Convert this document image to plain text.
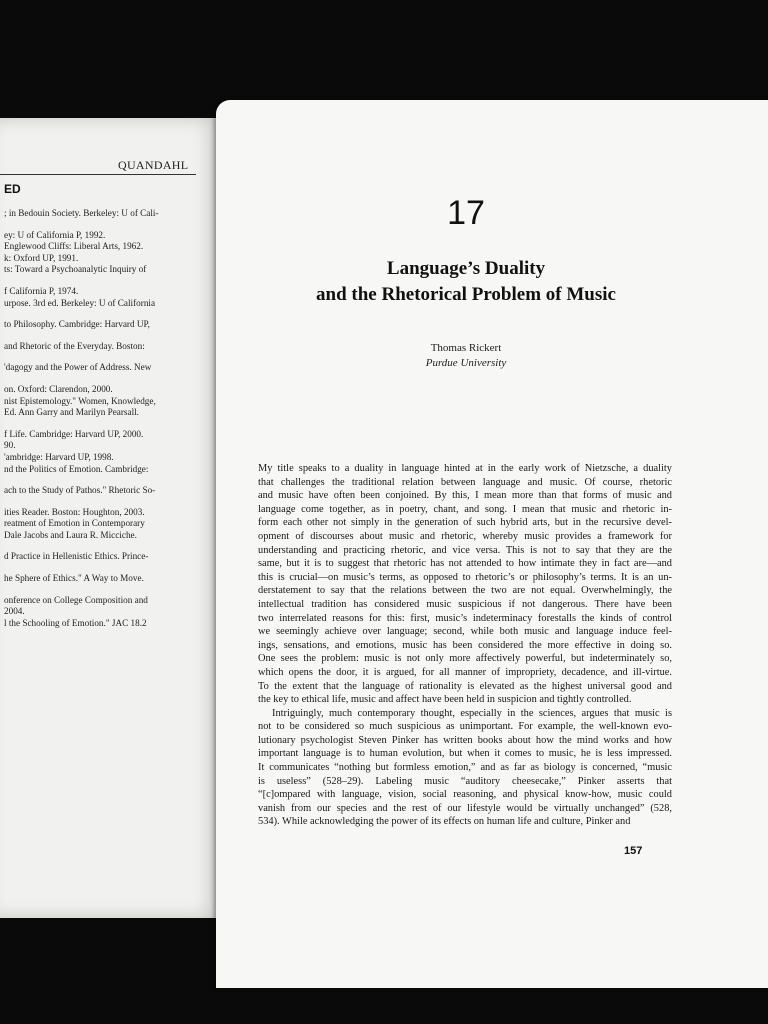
QUANDAHL
ED
; in Bedouin Society. Berkeley: U of Cali-
ey: U of California P, 1992.
Englewood Cliffs: Liberal Arts, 1962.
k: Oxford UP, 1991.
ts: Toward a Psychoanalytic Inquiry of
f California P, 1974.
urpose. 3rd ed. Berkeley: U of California
to Philosophy. Cambridge: Harvard UP,
and Rhetoric of the Everyday. Boston:
'dagogy and the Power of Address. New
on. Oxford: Clarendon, 2000.
nist Epistemology." Women, Knowledge,
Ed. Ann Garry and Marilyn Pearsall.
f Life. Cambridge: Harvard UP, 2000.
90.
'ambridge: Harvard UP, 1998.
nd the Politics of Emotion. Cambridge:
ach to the Study of Pathos." Rhetoric So-
ities Reader. Boston: Houghton, 2003.
reatment of Emotion in Contemporary
Dale Jacobs and Laura R. Micciche.
d Practice in Hellenistic Ethics. Prince-
he Sphere of Ethics." A Way to Move.
onference on College Composition and
2004.
l the Schooling of Emotion." JAC 18.2
17
Language’s Duality
and the Rhetorical Problem of Music
Thomas Rickert
Purdue University
My title speaks to a duality in language hinted at in the early work of Nietzsche, a duality
that challenges the traditional relation between language and music. Of course, rhetoric
and music have often been conjoined. By this, I mean more than that forms of music and
language come together, as in poetry, chant, and song. I mean that music and rhetoric in-
form each other not simply in the generation of such hybrid arts, but in the recursive devel-
opment of discourses about music and rhetoric, whereby music provides a framework for
understanding and practicing rhetoric, and vice versa. This is not to say that they are the
same, but it is to suggest that rhetoric has not attended to how intimate they in fact are—and
this is crucial—on music’s terms, as opposed to rhetoric’s or philosophy’s terms. It is an un-
derstatement to say that the relations between the two are not equal. Overwhelmingly, the
intellectual tradition has considered music suspicious if not dangerous. There have been
two interrelated reasons for this: first, music’s indeterminacy forestalls the kinds of control
we seemingly achieve over language; second, while both music and language induce feel-
ings, sensations, and emotions, music has been considered the more effective in doing so.
One sees the problem: music is not only more affectively powerful, but indeterminately so,
which opens the door, it is argued, for all manner of impropriety, decadence, and ill-virtue.
To the extent that the language of rationality is elevated as the highest universal good and
the key to ethical life, music and affect have been held in suspicion and tightly controlled.
Intriguingly, much contemporary thought, especially in the sciences, argues that music is
not to be considered so much suspicious as unimportant. For example, the well-known evo-
lutionary psychologist Steven Pinker has written books about how the mind works and how
important language is to human evolution, but when it comes to music, he is less impressed.
It communicates “nothing but formless emotion,” and as far as biology is concerned, “music
is useless” (528–29). Labeling music “auditory cheesecake,” Pinker asserts that
“[c]ompared with language, vision, social reasoning, and physical know-how, music could
vanish from our species and the rest of our lifestyle would be virtually unchanged” (528,
534). While acknowledging the power of its effects on human life and culture, Pinker and
157
